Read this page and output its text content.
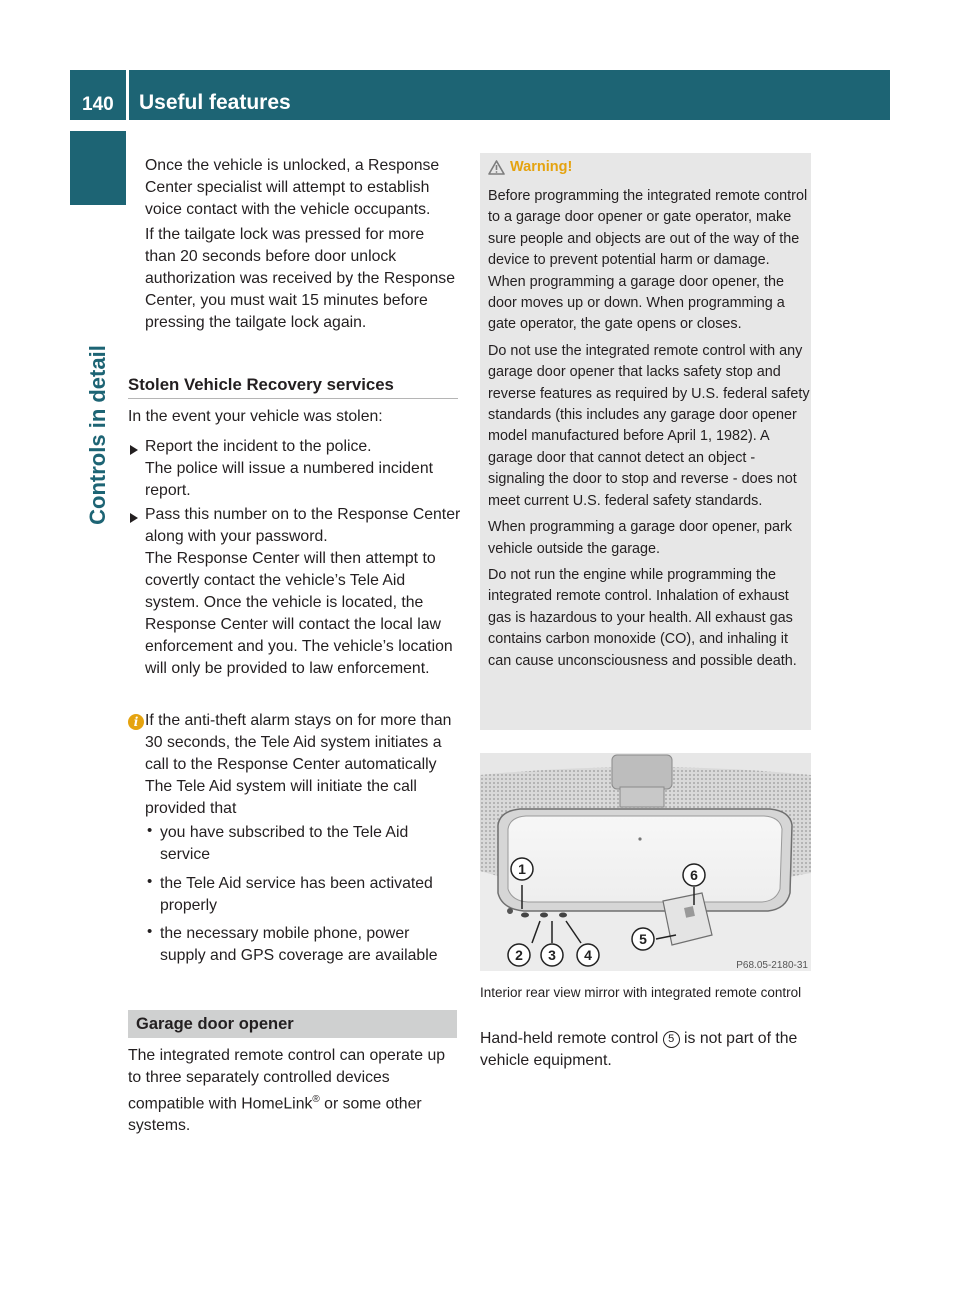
140	Useful features
Controls in detail
Once the vehicle is unlocked, a Response Center specialist will attempt to establish voice contact with the vehicle occupants.
If the tailgate lock was pressed for more than 20 seconds before door unlock authorization was received by the Response Center, you must wait 15 minutes before pressing the tailgate lock again.
Stolen Vehicle Recovery services
In the event your vehicle was stolen:
Report the incident to the police.
The police will issue a numbered incident report.
Pass this number on to the Response Center along with your password.
The Response Center will then attempt to covertly contact the vehicle’s Tele Aid system. Once the vehicle is located, the Response Center will contact the local law enforcement and you. The vehicle’s location will only be provided to law enforcement.
i If the anti-theft alarm stays on for more than 30 seconds, the Tele Aid system initiates a call to the Response Center automatically The Tele Aid system will initiate the call provided that
• you have subscribed to the Tele Aid service
• the Tele Aid service has been activated properly
• the necessary mobile phone, power supply and GPS coverage are available
Garage door opener
The integrated remote control can operate up to three separately controlled devices compatible with HomeLink® or some other systems.
Warning!
Before programming the integrated remote control to a garage door opener or gate operator, make sure people and objects are out of the way of the device to prevent potential harm or damage. When programming a garage door opener, the door moves up or down. When programming a gate operator, the gate opens or closes.
Do not use the integrated remote control with any garage door opener that lacks safety stop and reverse features as required by U.S. federal safety standards (this includes any garage door opener model manufactured before April 1, 1982). A garage door that cannot detect an object - signaling the door to stop and reverse - does not meet current U.S. federal safety standards.
When programming a garage door opener, park vehicle outside the garage.
Do not run the engine while programming the integrated remote control. Inhalation of exhaust gas is hazardous to your health. All exhaust gas contains carbon monoxide (CO), and inhaling it can cause unconsciousness and possible death.
1
2 3 4
5
6
P68.05-2180-31
Interior rear view mirror with integrated remote control
Hand-held remote control 5 is not part of the vehicle equipment.
